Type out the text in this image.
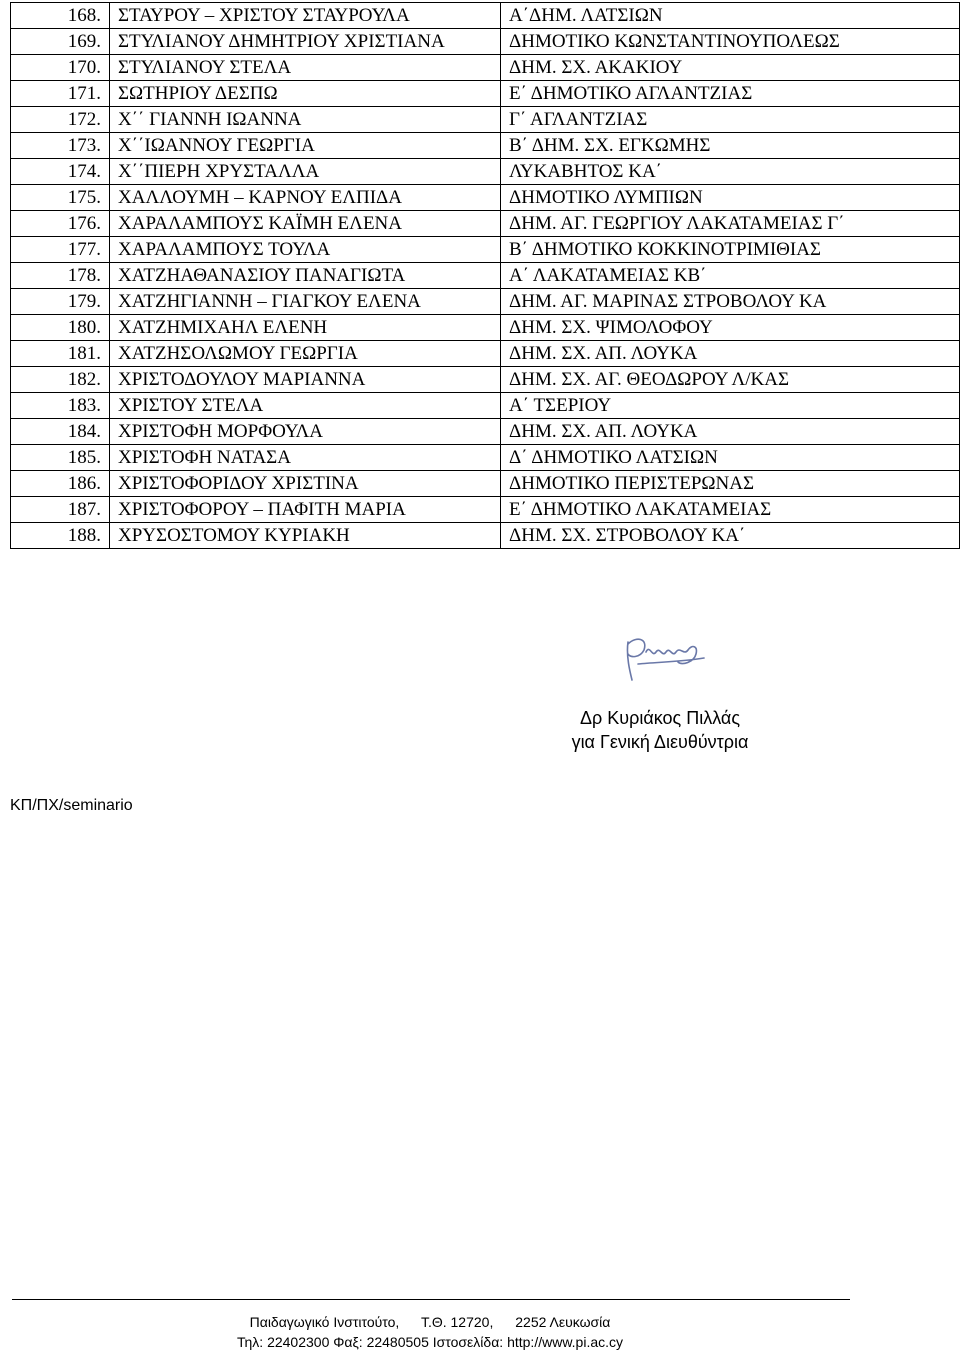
168.	ΣΤΑΥΡΟΥ – ΧΡΙΣΤΟΥ ΣΤΑΥΡΟΥΛΑ	Α΄ΔΗΜ. ΛΑΤΣΙΩΝ
169.	ΣΤΥΛΙΑΝΟΥ ΔΗΜΗΤΡΙΟΥ ΧΡΙΣΤΙΑΝΑ	ΔΗΜΟΤΙΚΟ ΚΩΝΣΤΑΝΤΙΝΟΥΠΟΛΕΩΣ
170.	ΣΤΥΛΙΑΝΟΥ ΣΤΕΛΑ	ΔΗΜ. ΣΧ. ΑΚΑΚΙΟΥ
171.	ΣΩΤΗΡΙΟΥ ΔΕΣΠΩ	Ε΄ ΔΗΜΟΤΙΚΟ ΑΓΛΑΝΤΖΙΑΣ
172.	Χ΄΄ ΓΙΑΝΝΗ ΙΩΑΝΝΑ	Γ΄ ΑΓΛΑΝΤΖΙΑΣ
173.	Χ΄΄ΙΩΑΝΝΟΥ ΓΕΩΡΓΙΑ	Β΄ ΔΗΜ. ΣΧ. ΕΓΚΩΜΗΣ
174.	Χ΄΄ΠΙΕΡΗ ΧΡΥΣΤΑΛΛΑ	ΛΥΚΑΒΗΤΟΣ ΚΑ΄
175.	ΧΑΛΛΟΥΜΗ – ΚΑΡΝΟΥ ΕΛΠΙΔΑ	ΔΗΜΟΤΙΚΟ ΛΥΜΠΙΩΝ
176.	ΧΑΡΑΛΑΜΠΟΥΣ ΚΑΪΜΗ ΕΛΕΝΑ	ΔΗΜ. ΑΓ. ΓΕΩΡΓΙΟΥ ΛΑΚΑΤΑΜΕΙΑΣ Γ΄
177.	ΧΑΡΑΛΑΜΠΟΥΣ ΤΟΥΛΑ	Β΄ ΔΗΜΟΤΙΚΟ ΚΟΚΚΙΝΟΤΡΙΜΙΘΙΑΣ
178.	ΧΑΤΖΗΑΘΑΝΑΣΙΟΥ ΠΑΝΑΓΙΩΤΑ	Α΄ ΛΑΚΑΤΑΜΕΙΑΣ ΚΒ΄
179.	ΧΑΤΖΗΓΙΑΝΝΗ – ΓΙΑΓΚΟΥ ΕΛΕΝΑ	ΔΗΜ. ΑΓ. ΜΑΡΙΝΑΣ ΣΤΡΟΒΟΛΟΥ ΚΑ
180.	ΧΑΤΖΗΜΙΧΑΗΛ ΕΛΕΝΗ	ΔΗΜ. ΣΧ. ΨΙΜΟΛΟΦΟΥ
181.	ΧΑΤΖΗΣΟΛΩΜΟΥ ΓΕΩΡΓΙΑ	ΔΗΜ. ΣΧ. ΑΠ. ΛΟΥΚΑ
182.	ΧΡΙΣΤΟΔΟΥΛΟΥ ΜΑΡΙΑΝΝΑ	ΔΗΜ. ΣΧ. ΑΓ. ΘΕΟΔΩΡΟΥ Λ/ΚΑΣ
183.	ΧΡΙΣΤΟΥ ΣΤΕΛΑ	Α΄ ΤΣΕΡΙΟΥ
184.	ΧΡΙΣΤΟΦΗ ΜΟΡΦΟΥΛΑ	ΔΗΜ. ΣΧ. ΑΠ. ΛΟΥΚΑ
185.	ΧΡΙΣΤΟΦΗ ΝΑΤΑΣΑ	Δ΄ ΔΗΜΟΤΙΚΟ ΛΑΤΣΙΩΝ
186.	ΧΡΙΣΤΟΦΟΡΙΔΟΥ ΧΡΙΣΤΙΝΑ	ΔΗΜΟΤΙΚΟ ΠΕΡΙΣΤΕΡΩΝΑΣ
187.	ΧΡΙΣΤΟΦΟΡΟΥ – ΠΑΦΙΤΗ ΜΑΡΙΑ	Ε΄ ΔΗΜΟΤΙΚΟ ΛΑΚΑΤΑΜΕΙΑΣ
188.	ΧΡΥΣΟΣΤΟΜΟΥ ΚΥΡΙΑΚΗ	ΔΗΜ. ΣΧ. ΣΤΡΟΒΟΛΟΥ ΚΑ΄
Δρ Κυριάκος Πιλλάς
για Γενική Διευθύντρια
ΚΠ/ΠΧ/seminario
Παιδαγωγικό Ινστιτούτο, Τ.Θ. 12720, 2252 Λευκωσία
Τηλ: 22402300 Φαξ: 22480505 Ιστοσελίδα: http://www.pi.ac.cy
